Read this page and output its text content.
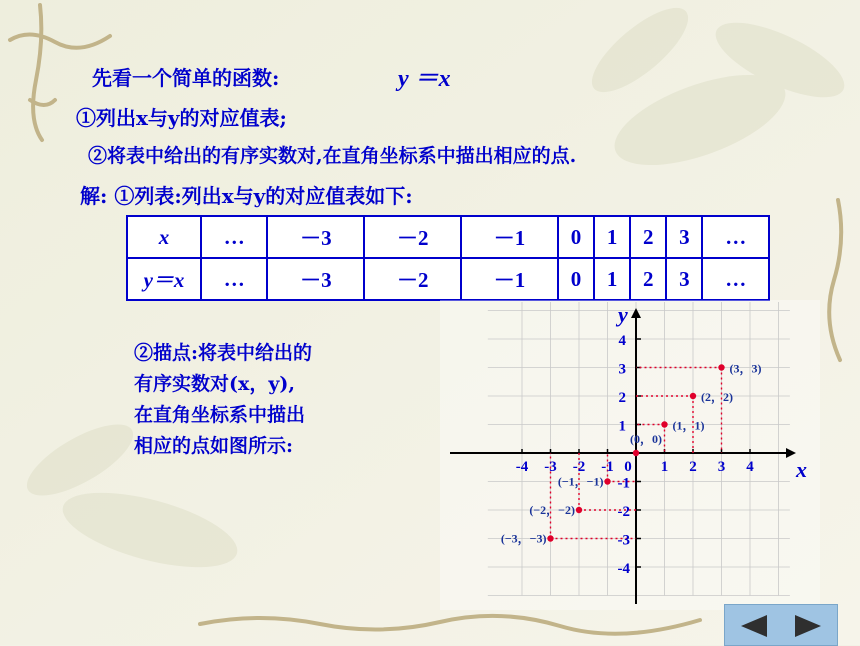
先看一个简单的函数:	y ＝x
①列出x与y的对应值表;
②将表中给出的有序实数对,在直角坐标系中描出相应的点.
解: ①列表:列出x与y的对应值表如下:
x	…	－3	－2	－1	0	1	2	3	…
y＝x	…	－3	－2	－1	0	1	2	3	…
②描点:将表中给出的
有序实数对(x，y),
在直角坐标系中描出
相应的点如图所示:
x
y
-4 -3 -2 -1 0 1 2 3 4
4
3
2
1
-1
-2
-3
-4
(3，3)
(2，2)
(1，1)
(0，0)
(−1，−1)
(−2，−2)
(−3，−3)
